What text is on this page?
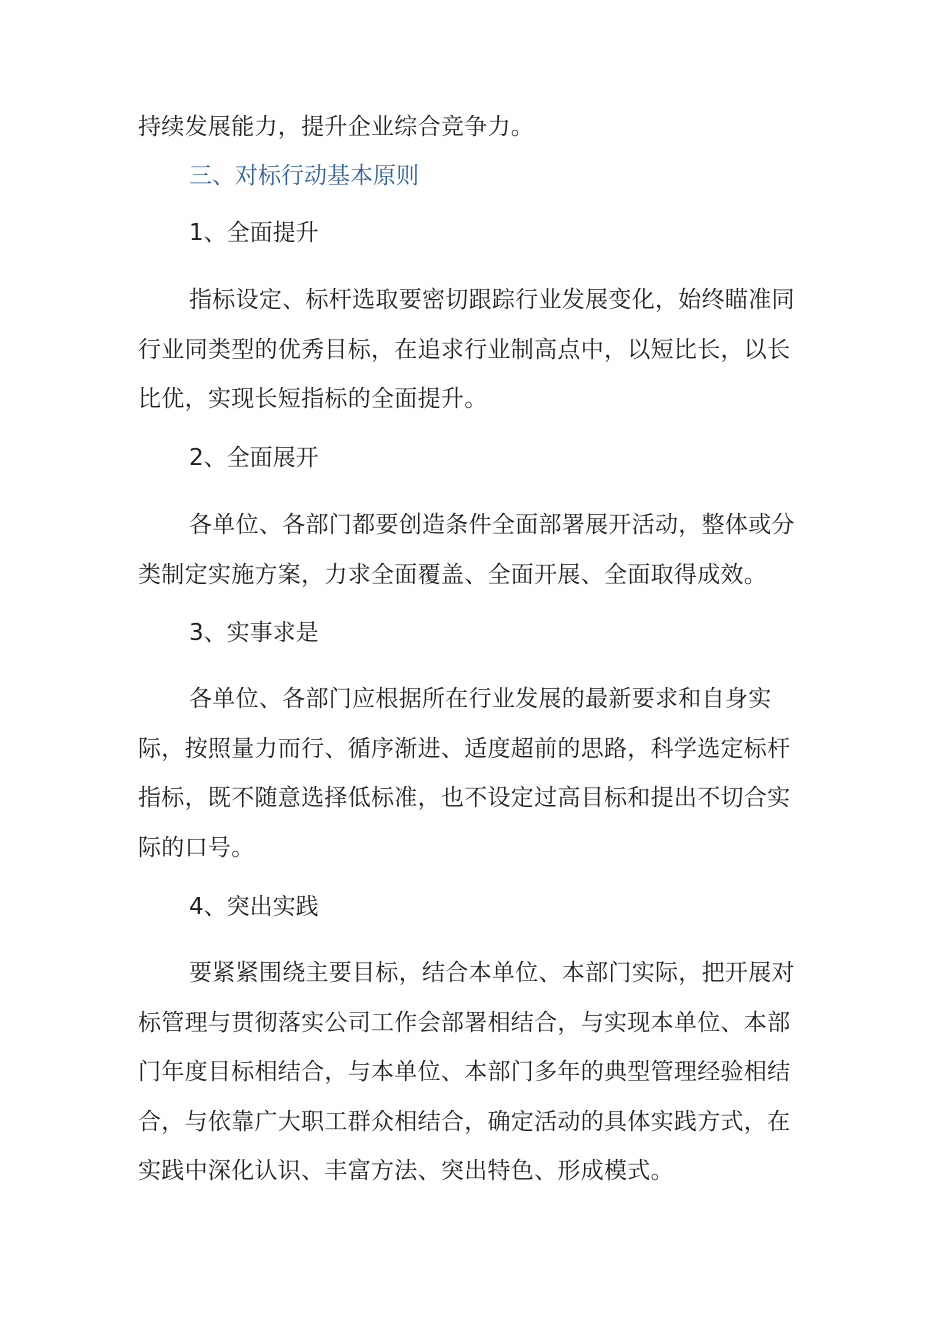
持续发展能力，提升企业综合竞争力。

三、对标行动基本原则

1、全面提升

指标设定、标杆选取要密切跟踪行业发展变化，始终瞄准同行业同类型的优秀目标，在追求行业制高点中，以短比长，以长比优，实现长短指标的全面提升。

2、全面展开

各单位、各部门都要创造条件全面部署展开活动，整体或分类制定实施方案，力求全面覆盖、全面开展、全面取得成效。

3、实事求是

各单位、各部门应根据所在行业发展的最新要求和自身实际，按照量力而行、循序渐进、适度超前的思路，科学选定标杆指标，既不随意选择低标准，也不设定过高目标和提出不切合实际的口号。

4、突出实践

要紧紧围绕主要目标，结合本单位、本部门实际，把开展对标管理与贯彻落实公司工作会部署相结合，与实现本单位、本部门年度目标相结合，与本单位、本部门多年的典型管理经验相结合，与依靠广大职工群众相结合，确定活动的具体实践方式，在实践中深化认识、丰富方法、突出特色、形成模式。
